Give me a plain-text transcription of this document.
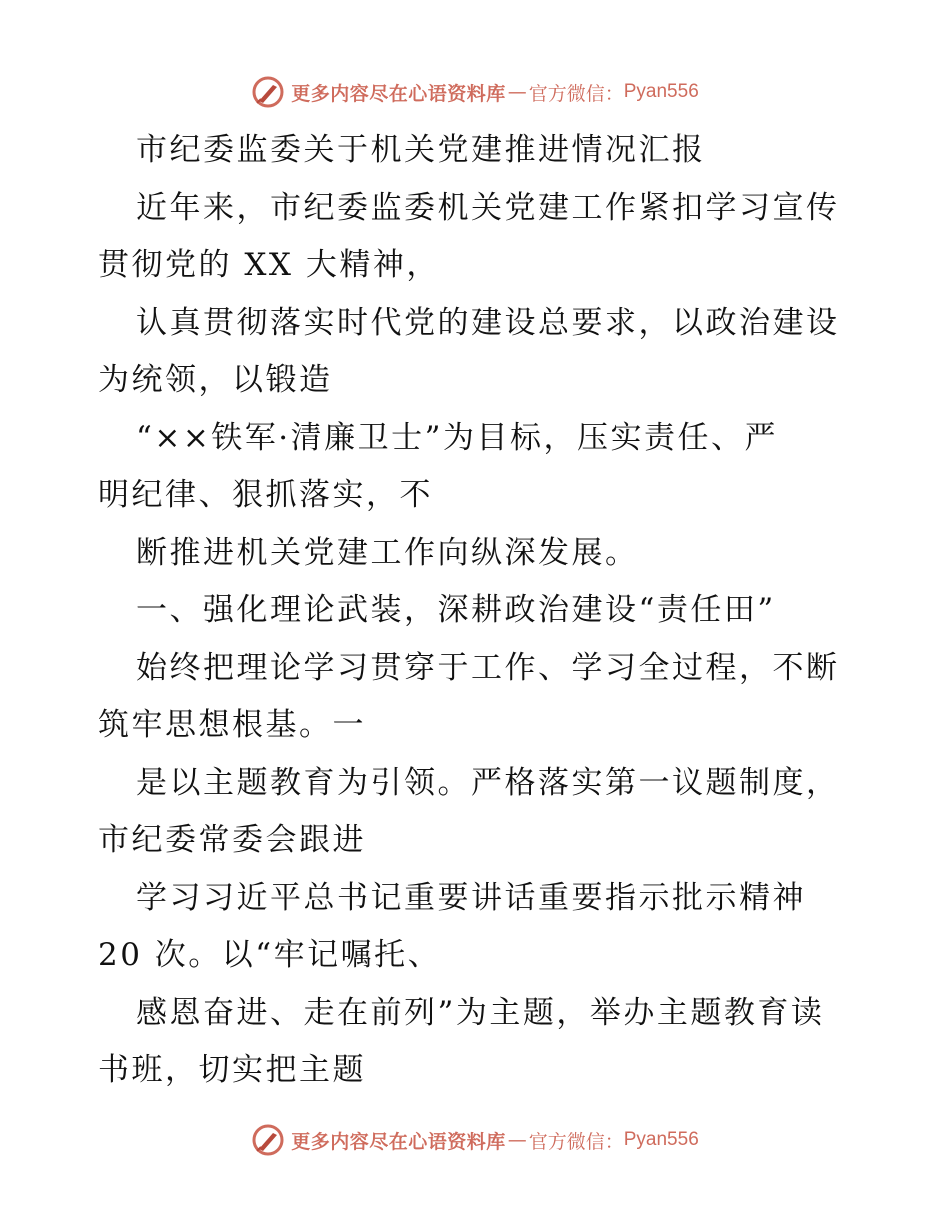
更多内容尽在心语资料库 — 官方微信： Pyan556
市纪委监委关于机关党建推进情况汇报
近年来，市纪委监委机关党建工作紧扣学习宣传
贯彻党的 XX 大精神，
认真贯彻落实时代党的建设总要求，以政治建设
为统领，以锻造
“××铁军·清廉卫士”为目标，压实责任、严
明纪律、狠抓落实，不
断推进机关党建工作向纵深发展。
一、强化理论武装，深耕政治建设“责任田”
始终把理论学习贯穿于工作、学习全过程，不断
筑牢思想根基。一
是以主题教育为引领。严格落实第一议题制度，
市纪委常委会跟进
学习习近平总书记重要讲话重要指示批示精神
20 次。以“牢记嘱托、
感恩奋进、走在前列”为主题，举办主题教育读
书班，切实把主题
更多内容尽在心语资料库 — 官方微信： Pyan556
